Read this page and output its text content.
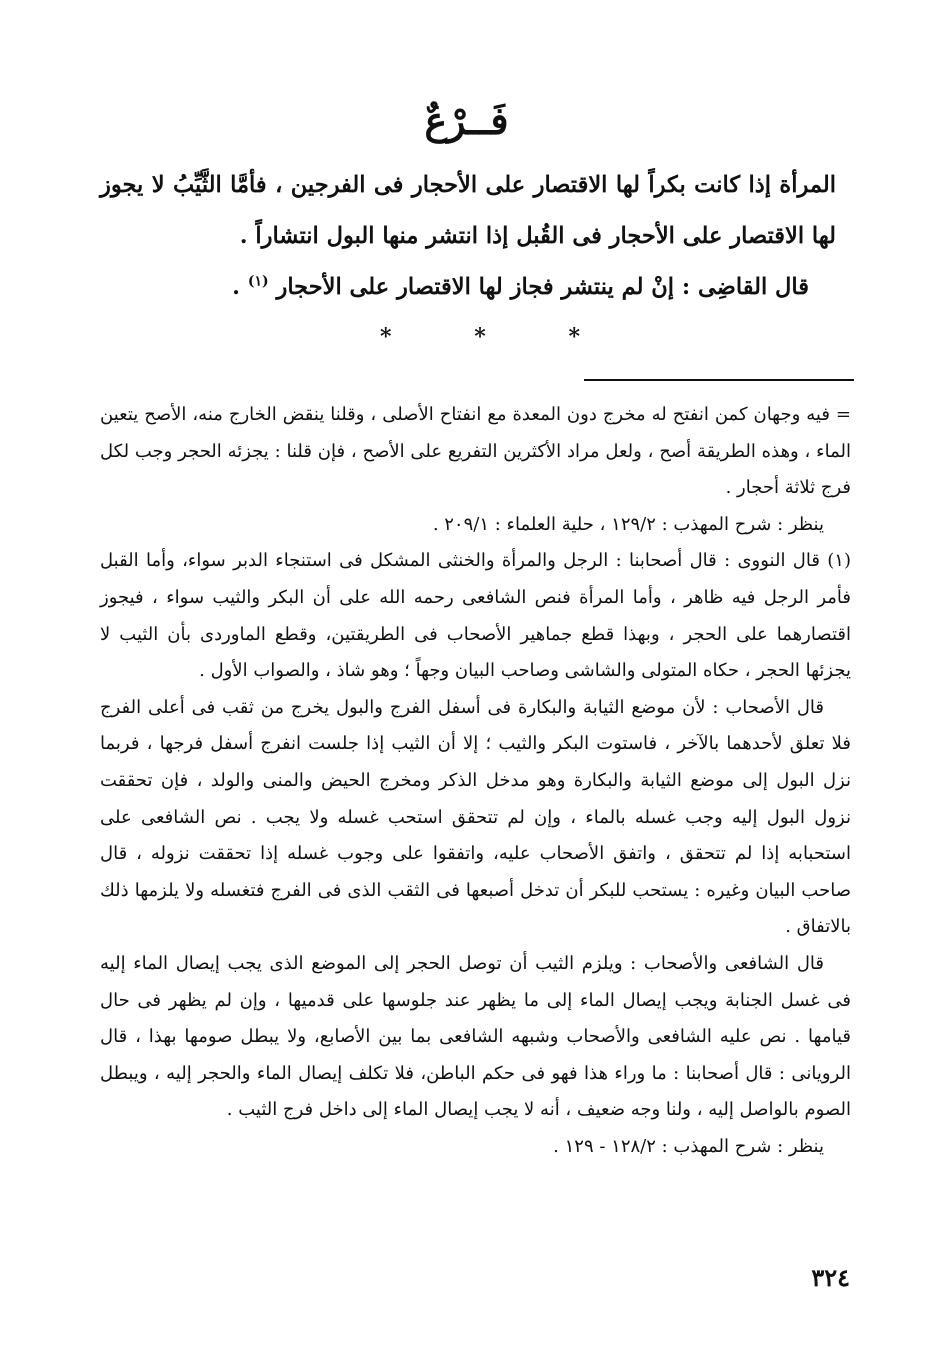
فَــرْعٌ

المرأة إذا كانت بكراً لها الاقتصار على الأحجار فى الفرجين ، فأمَّا الثَّيِّبُ لا يجوز لها الاقتصار على الأحجار فى القُبل إذا انتشر منها البول انتشاراً .

قال القاضِى : إنْ لم ينتشر فجاز لها الاقتصار على الأحجار $^{(١)}$ .

*
*
*

= فيه وجهان كمن انفتح له مخرج دون المعدة مع انفتاح الأصلى ، وقلنا ينقض الخارج منه، الأصح يتعين الماء ، وهذه الطريقة أصح ، ولعل مراد الأكثرين التفريع على الأصح ، فإن قلنا : يجزئه الحجر وجب لكل فرج ثلاثة أحجار .

ينظر : شرح المهذب : ١٢٩/٢ ، حلية العلماء : ٢٠٩/١ .

(١) قال النووى : قال أصحابنا : الرجل والمرأة والخنثى المشكل فى استنجاء الدبر سواء، وأما القبل فأمر الرجل فيه ظاهر ، وأما المرأة فنص الشافعى رحمه الله على أن البكر والثيب سواء ، فيجوز اقتصارهما على الحجر ، وبهذا قطع جماهير الأصحاب فى الطريقتين، وقطع الماوردى بأن الثيب لا يجزئها الحجر ، حكاه المتولى والشاشى وصاحب البيان وجهاً ؛ وهو شاذ ، والصواب الأول .

قال الأصحاب : لأن موضع الثيابة والبكارة فى أسفل الفرج والبول يخرج من ثقب فى أعلى الفرج فلا تعلق لأحدهما بالآخر ، فاستوت البكر والثيب ؛ إلا أن الثيب إذا جلست انفرج أسفل فرجها ، فربما نزل البول إلى موضع الثيابة والبكارة وهو مدخل الذكر ومخرج الحيض والمنى والولد ، فإن تحققت نزول البول إليه وجب غسله بالماء ، وإن لم تتحقق استحب غسله ولا يجب . نص الشافعى على استحبابه إذا لم تتحقق ، واتفق الأصحاب عليه، واتفقوا على وجوب غسله إذا تحققت نزوله ، قال صاحب البيان وغيره : يستحب للبكر أن تدخل أصبعها فى الثقب الذى فى الفرج فتغسله ولا يلزمها ذلك بالاتفاق .

قال الشافعى والأصحاب : ويلزم الثيب أن توصل الحجر إلى الموضع الذى يجب إيصال الماء إليه فى غسل الجنابة ويجب إيصال الماء إلى ما يظهر عند جلوسها على قدميها ، وإن لم يظهر فى حال قيامها . نص عليه الشافعى والأصحاب وشبهه الشافعى بما بين الأصابع، ولا يبطل صومها بهذا ، قال الرويانى : قال أصحابنا : ما وراء هذا فهو فى حكم الباطن، فلا تكلف إيصال الماء والحجر إليه ، ويبطل الصوم بالواصل إليه ، ولنا وجه ضعيف ، أنه لا يجب إيصال الماء إلى داخل فرج الثيب .

ينظر : شرح المهذب : ١٢٨/٢ - ١٢٩ .

٣٢٤
